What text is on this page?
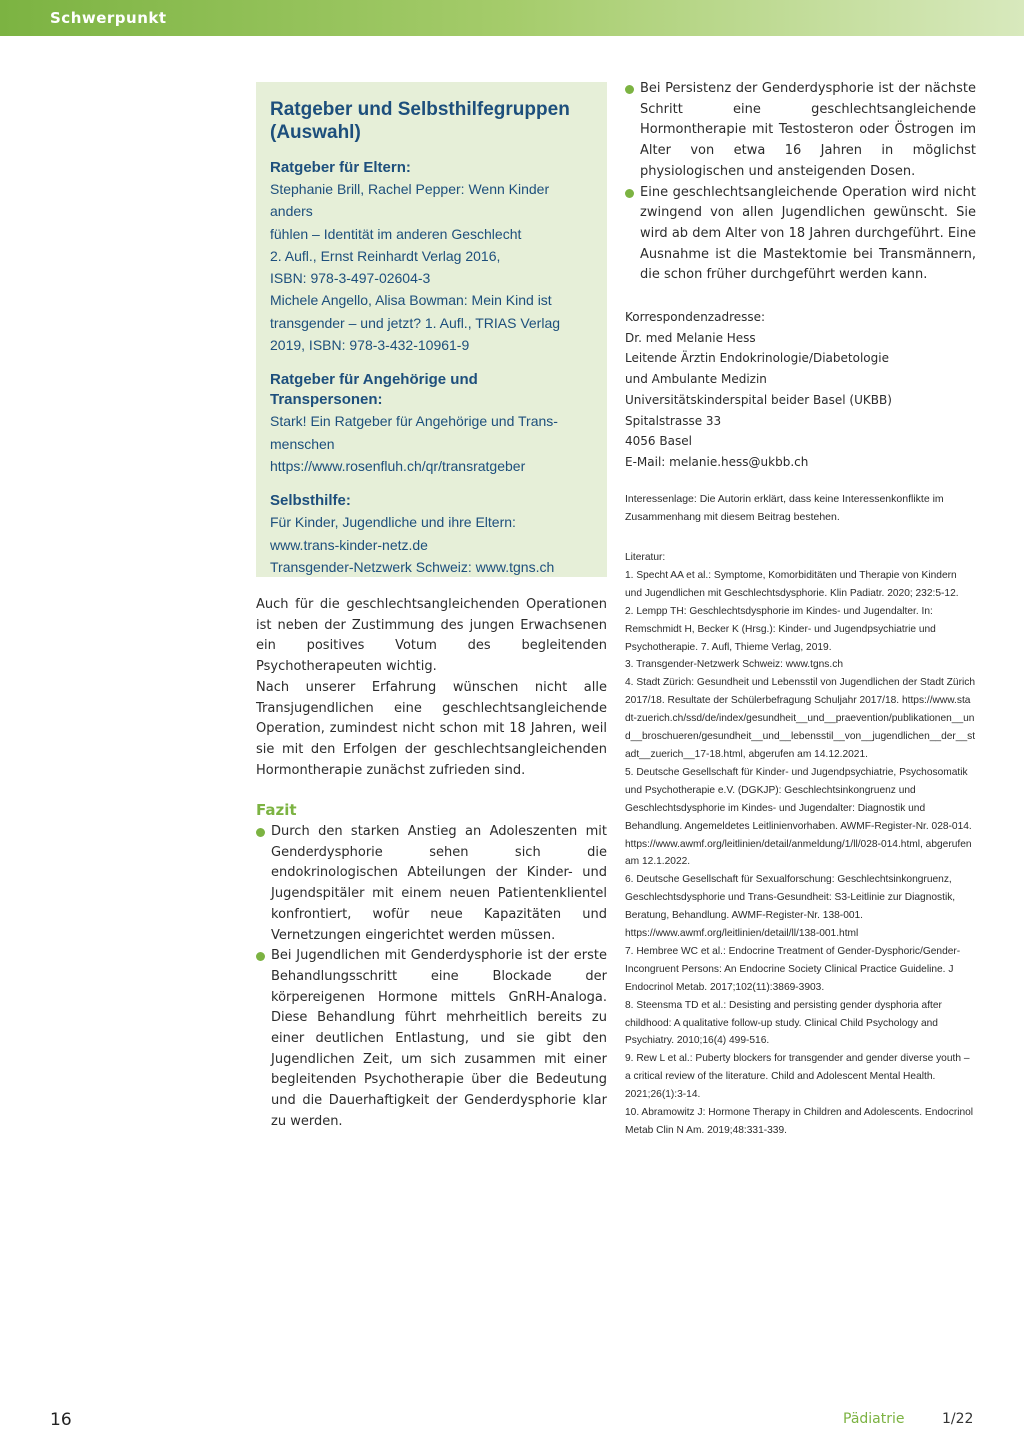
Schwerpunkt
Ratgeber und Selbsthilfegruppen
(Auswahl)
Ratgeber für Eltern:

Stephanie Brill, Rachel Pepper: Wenn Kinder anders

fühlen – Identität im anderen Geschlecht

2. Aufl., Ernst Reinhardt Verlag 2016,

ISBN: 978-3-497-02604-3

Michele Angello, Alisa Bowman: Mein Kind ist

transgender – und jetzt? 1. Aufl., TRIAS Verlag

2019, ISBN: 978-3-432-10961-9

Ratgeber für Angehörige und Transpersonen:

Stark! Ein Ratgeber für Angehörige und Trans-

menschen

https://www.rosenfluh.ch/qr/transratgeber

Selbsthilfe:

Für Kinder, Jugendliche und ihre Eltern:

www.trans-kinder-netz.de

Transgender-Netzwerk Schweiz: www.tgns.ch

Auch für die geschlechtsangleichenden Operationen ist neben der Zustimmung des jungen Erwachsenen ein positives Votum des begleitenden Psychotherapeuten wichtig.

Nach unserer Erfahrung wünschen nicht alle Transjugendlichen eine geschlechtsangleichende Operation, zumindest nicht schon mit 18 Jahren, weil sie mit den Erfolgen der geschlechtsangleichenden Hormontherapie zunächst zufrieden sind.

Fazit
Durch den starken Anstieg an Adoleszenten mit Genderdysphorie sehen sich die endokrinologischen Abteilungen der Kinder- und Jugendspitäler mit einem neuen Patientenklientel konfrontiert, wofür neue Kapazitäten und Vernetzungen eingerichtet werden müssen.
Bei Jugendlichen mit Genderdysphorie ist der erste Behandlungsschritt eine Blockade der körpereigenen Hormone mittels GnRH-Analoga. Diese Behandlung führt mehrheitlich bereits zu einer deutlichen Entlastung, und sie gibt den Jugendlichen Zeit, um sich zusammen mit einer begleitenden Psychotherapie über die Bedeutung und die Dauerhaftigkeit der Genderdysphorie klar zu werden.
Bei Persistenz der Genderdysphorie ist der nächste Schritt eine geschlechtsangleichende Hormontherapie mit Testosteron oder Östrogen im Alter von etwa 16 Jahren in möglichst physiologischen und ansteigenden Dosen.
Eine geschlechtsangleichende Operation wird nicht zwingend von allen Jugendlichen gewünscht. Sie wird ab dem Alter von 18 Jahren durchgeführt. Eine Ausnahme ist die Mastektomie bei Transmännern, die schon früher durchgeführt werden kann.
Korrespondenzadresse:
Dr. med Melanie Hess
Leitende Ärztin Endokrinologie/Diabetologie
und Ambulante Medizin
Universitätskinderspital beider Basel (UKBB)
Spitalstrasse 33
4056 Basel
E-Mail: melanie.hess@ukbb.ch
Interessenlage: Die Autorin erklärt, dass keine Interessenkonflikte im Zusammenhang mit diesem Beitrag bestehen.
Literatur:
1. Specht AA et al.: Symptome, Komorbiditäten und Therapie von Kindern und Jugendlichen mit Geschlechtsdysphorie. Klin Padiatr. 2020; 232:5-12.
2. Lempp TH: Geschlechtsdysphorie im Kindes- und Jugendalter. In: Remschmidt H, Becker K (Hrsg.): Kinder- und Jugendpsychiatrie und Psychotherapie. 7. Aufl, Thieme Verlag, 2019.
3. Transgender-Netzwerk Schweiz: www.tgns.ch
4. Stadt Zürich: Gesundheit und Lebensstil von Jugendlichen der Stadt Zürich 2017/18. Resultate der Schülerbefragung Schuljahr 2017/18. https://www.stadt-zuerich.ch/ssd/de/index/gesundheit__und__praevention/publikationen__und__broschueren/gesundheit__und__lebensstil__von__jugendlichen__der__stadt__zuerich__17-18.html, abgerufen am 14.12.2021.
5. Deutsche Gesellschaft für Kinder- und Jugendpsychiatrie, Psychosomatik und Psychotherapie e.V. (DGKJP): Geschlechtsinkongruenz und Geschlechtsdysphorie im Kindes- und Jugendalter: Diagnostik und Behandlung. Angemeldetes Leitlinienvorhaben. AWMF-Register-Nr. 028-014. https://www.awmf.org/leitlinien/detail/anmeldung/1/ll/028-014.html, abgerufen am 12.1.2022.
6. Deutsche Gesellschaft für Sexualforschung: Geschlechtsinkongruenz, Geschlechtsdysphorie und Trans-Gesundheit: S3-Leitlinie zur Diagnostik, Beratung, Behandlung. AWMF-Register-Nr. 138-001. https://www.awmf.org/leitlinien/detail/ll/138-001.html
7. Hembree WC et al.: Endocrine Treatment of Gender-Dysphoric/Gender-Incongruent Persons: An Endocrine Society Clinical Practice Guideline. J Endocrinol Metab. 2017;102(11):3869-3903.
8. Steensma TD et al.: Desisting and persisting gender dysphoria after childhood: A qualitative follow-up study. Clinical Child Psychology and Psychiatry. 2010;16(4) 499-516.
9. Rew L et al.: Puberty blockers for transgender and gender diverse youth – a critical review of the literature. Child and Adolescent Mental Health. 2021;26(1):3-14.
10. Abramowitz J: Hormone Therapy in Children and Adolescents. Endocrinol Metab Clin N Am. 2019;48:331-339.
16	Pädiatrie	1/22
